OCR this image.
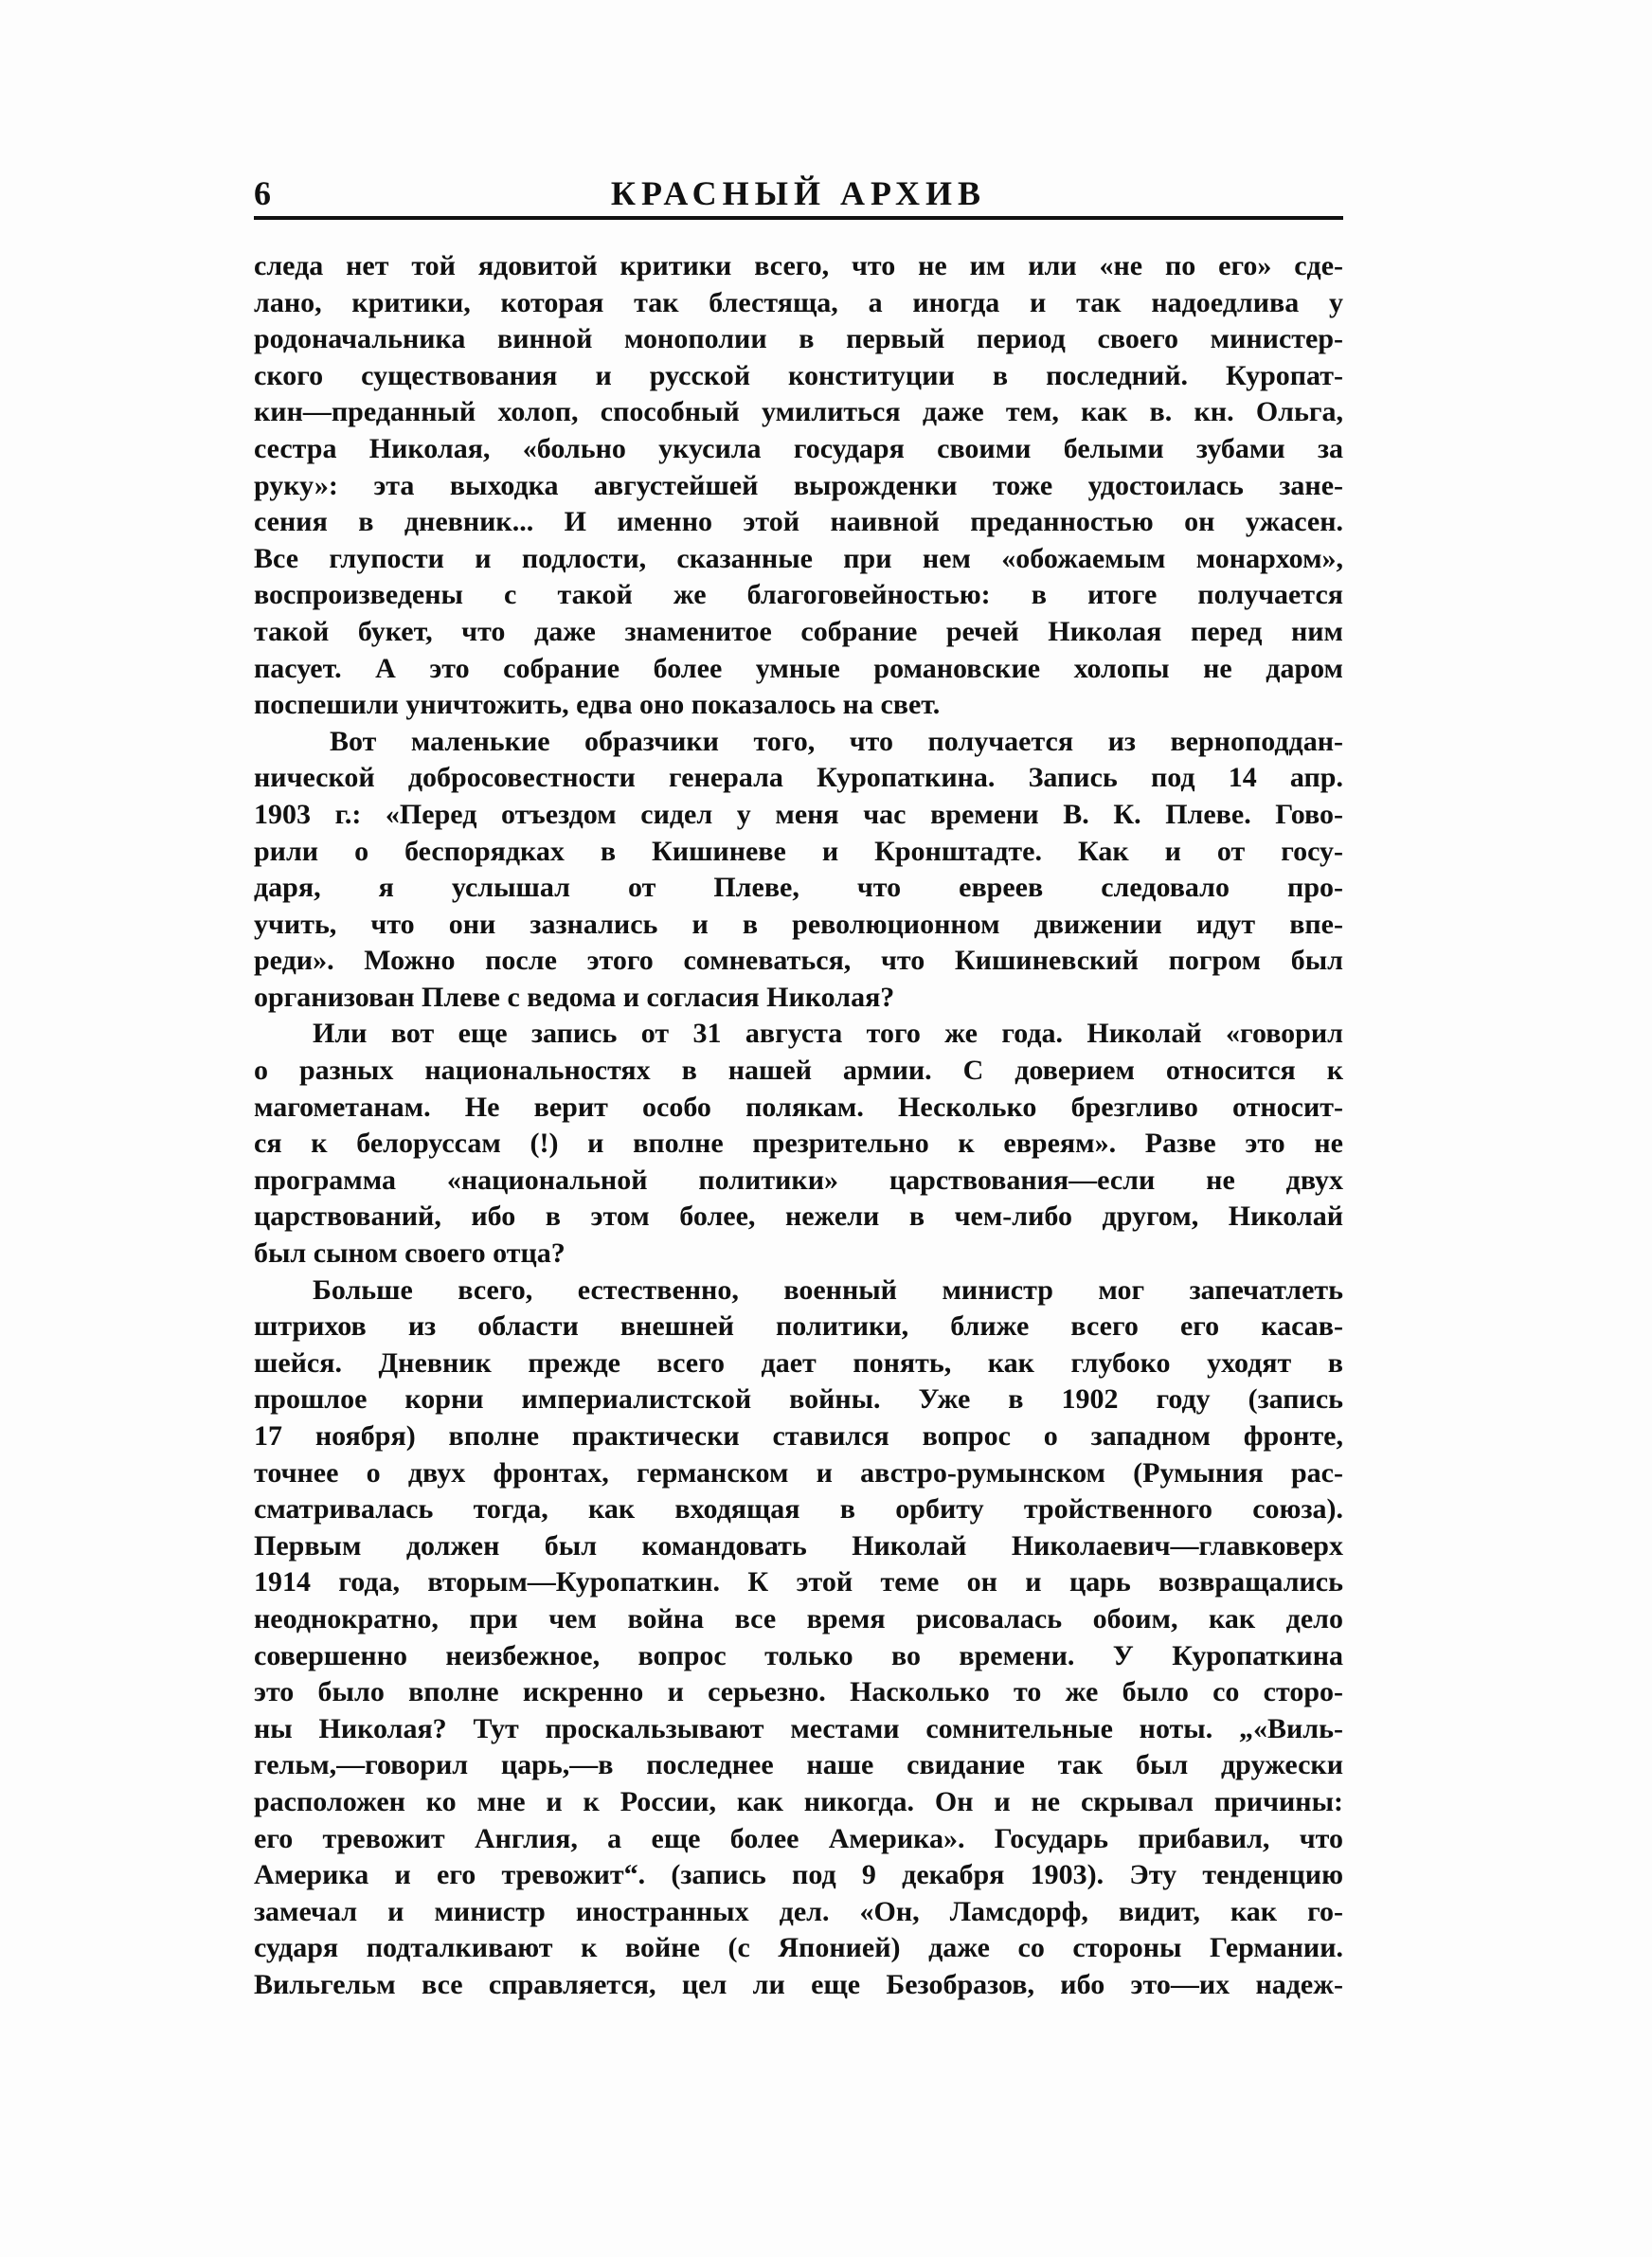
6	КРАСНЫЙ АРХИВ
следа нет той ядовитой критики всего, что не им или «не по его» сде-
лано, критики, которая так блестяща, а иногда и так надоедлива у
родоначальника винной монополии в первый период своего министер-
ского существования и русской конституции в последний. Куропат-
кин—преданный холоп, способный умилиться даже тем, как в. кн. Ольга,
сестра Николая, «больно укусила государя своими белыми зубами за
руку»: эта выходка августейшей вырожденки тоже удостоилась зане-
сения в дневник... И именно этой наивной преданностью он ужасен.
Все глупости и подлости, сказанные при нем «обожаемым монархом»,
воспроизведены с такой же благоговейностью: в итоге получается
такой букет, что даже знаменитое собрание речей Николая перед ним
пасует. А это собрание более умные романовские холопы не даром
поспешили уничтожить, едва оно показалось на свет.
Вот маленькие образчики того, что получается из верноподдан-
нической добросовестности генерала Куропаткина. Запись под 14 апр.
1903 г.: «Перед отъездом сидел у меня час времени В. К. Плеве. Гово-
рили о беспорядках в Кишиневе и Кронштадте. Как и от госу-
даря, я услышал от Плеве, что евреев следовало про-
учить, что они зазнались и в революционном движении идут впе-
реди». Можно после этого сомневаться, что Кишиневский погром был
организован Плеве с ведома и согласия Николая?
Или вот еще запись от 31 августа того же года. Николай «говорил
о разных национальностях в нашей армии. С доверием относится к
магометанам. Не верит особо полякам. Несколько брезгливо относит-
ся к белоруссам (!) и вполне презрительно к евреям». Разве это не
программа «национальной политики» царствования—если не двух
царствований, ибо в этом более, нежели в чем-либо другом, Николай
был сыном своего отца?
Больше всего, естественно, военный министр мог запечатлеть
штрихов из области внешней политики, ближе всего его касав-
шейся. Дневник прежде всего дает понять, как глубоко уходят в
прошлое корни империалистской войны. Уже в 1902 году (запись
17 ноября) вполне практически ставился вопрос о западном фронте,
точнее о двух фронтах, германском и австро-румынском (Румыния рас-
сматривалась тогда, как входящая в орбиту тройственного союза).
Первым должен был командовать Николай Николаевич—главковерх
1914 года, вторым—Куропаткин. К этой теме он и царь возвращались
неоднократно, при чем война все время рисовалась обоим, как дело
совершенно неизбежное, вопрос только во времени. У Куропаткина
это было вполне искренно и серьезно. Насколько то же было со сторо-
ны Николая? Тут проскальзывают местами сомнительные ноты. „«Виль-
гельм,—говорил царь,—в последнее наше свидание так был дружески
расположен ко мне и к России, как никогда. Он и не скрывал причины:
его тревожит Англия, а еще более Америка». Государь прибавил, что
Америка и его тревожит“. (запись под 9 декабря 1903). Эту тенденцию
замечал и министр иностранных дел. «Он, Ламсдорф, видит, как го-
сударя подталкивают к войне (с Японией) даже со стороны Германии.
Вильгельм все справляется, цел ли еще Безобразов, ибо это—их надеж-
